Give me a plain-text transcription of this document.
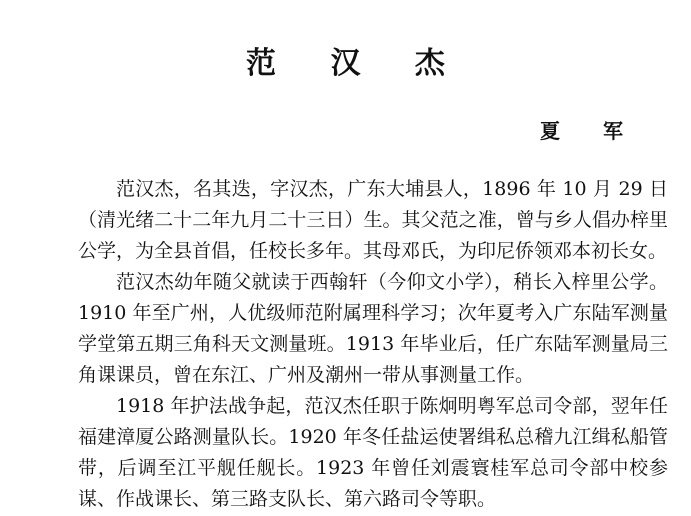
范 汉 杰
夏 军

范汉杰，名其迭，字汉杰，广东大埔县人，1896 年 10 月 29 日（清光绪二十二年九月二十三日）生。其父范之准，曾与乡人倡办梓里公学，为全县首倡，任校长多年。其母邓氏，为印尼侨领邓本初长女。

范汉杰幼年随父就读于西翰轩（今仰文小学），稍长入梓里公学。1910 年至广州，人优级师范附属理科学习；次年夏考入广东陆军测量学堂第五期三角科天文测量班。1913 年毕业后，任广东陆军测量局三角课课员，曾在东江、广州及潮州一带从事测量工作。

1918 年护法战争起，范汉杰任职于陈炯明粤军总司令部，翌年任福建漳厦公路测量队长。1920 年冬任盐运使署缉私总稽九江缉私船管带，后调至江平舰任舰长。1923 年曾任刘震寰桂军总司令部中校参谋、作战课长、第三路支队长、第六路司令等职。
